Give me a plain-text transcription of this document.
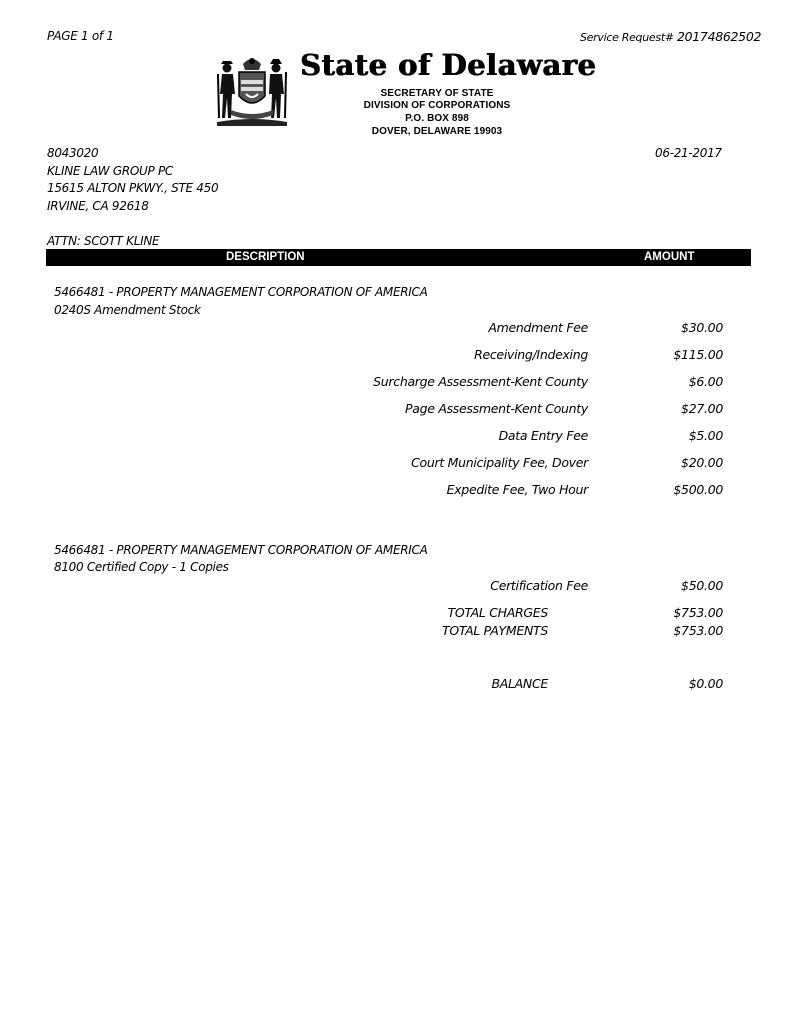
PAGE 1 of 1	Service Request# 20174862502
State of Delaware
SECRETARY OF STATE
DIVISION OF CORPORATIONS
P.O. BOX 898
DOVER, DELAWARE 19903
8043020	06-21-2017
KLINE LAW GROUP PC
15615 ALTON PKWY., STE 450
IRVINE, CA 92618
ATTN: SCOTT KLINE
DESCRIPTION	AMOUNT
5466481 - PROPERTY MANAGEMENT CORPORATION OF AMERICA
0240S Amendment Stock
Amendment Fee	$30.00
Receiving/Indexing	$115.00
Surcharge Assessment-Kent County	$6.00
Page Assessment-Kent County	$27.00
Data Entry Fee	$5.00
Court Municipality Fee, Dover	$20.00
Expedite Fee, Two Hour	$500.00
5466481 - PROPERTY MANAGEMENT CORPORATION OF AMERICA
8100 Certified Copy - 1 Copies
Certification Fee	$50.00
TOTAL CHARGES	$753.00
TOTAL PAYMENTS	$753.00
BALANCE	$0.00
